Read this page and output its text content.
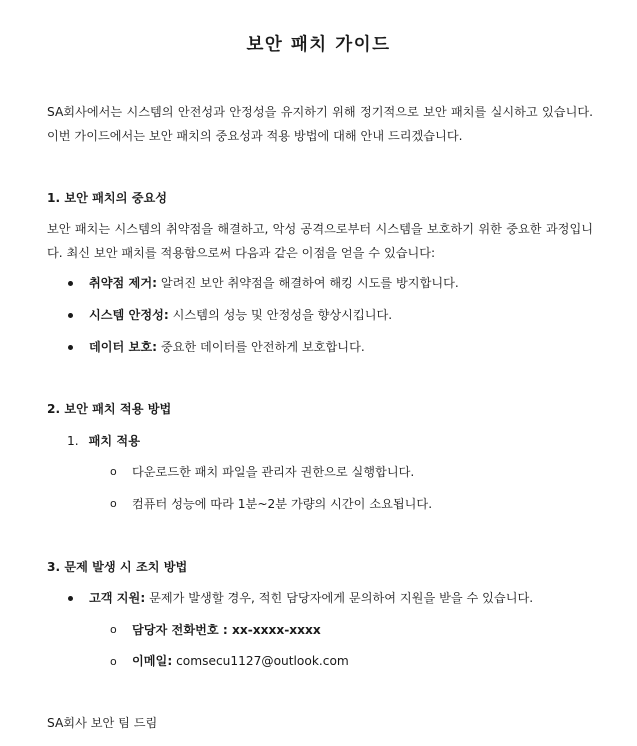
보안 패치 가이드
SA회사에서는 시스템의 안전성과 안정성을 유지하기 위해 정기적으로 보안 패치를 실시하고 있습니다. 이번 가이드에서는 보안 패치의 중요성과 적용 방법에 대해 안내 드리겠습니다.
1. 보안 패치의 중요성
보안 패치는 시스템의 취약점을 해결하고, 악성 공격으로부터 시스템을 보호하기 위한 중요한 과정입니다. 최신 보안 패치를 적용함으로써 다음과 같은 이점을 얻을 수 있습니다:
취약점 제거: 알려진 보안 취약점을 해결하여 해킹 시도를 방지합니다.
시스템 안정성: 시스템의 성능 및 안정성을 향상시킵니다.
데이터 보호: 중요한 데이터를 안전하게 보호합니다.
2. 보안 패치 적용 방법
1. 패치 적용
o 다운로드한 패치 파일을 관리자 권한으로 실행합니다.
o 컴퓨터 성능에 따라 1분~2분 가량의 시간이 소요됩니다.
3. 문제 발생 시 조치 방법
고객 지원: 문제가 발생할 경우, 적힌 담당자에게 문의하여 지원을 받을 수 있습니다.
o 담당자 전화번호 : xx-xxxx-xxxx
o 이메일: comsecu1127@outlook.com
SA회사 보안 팀 드림
